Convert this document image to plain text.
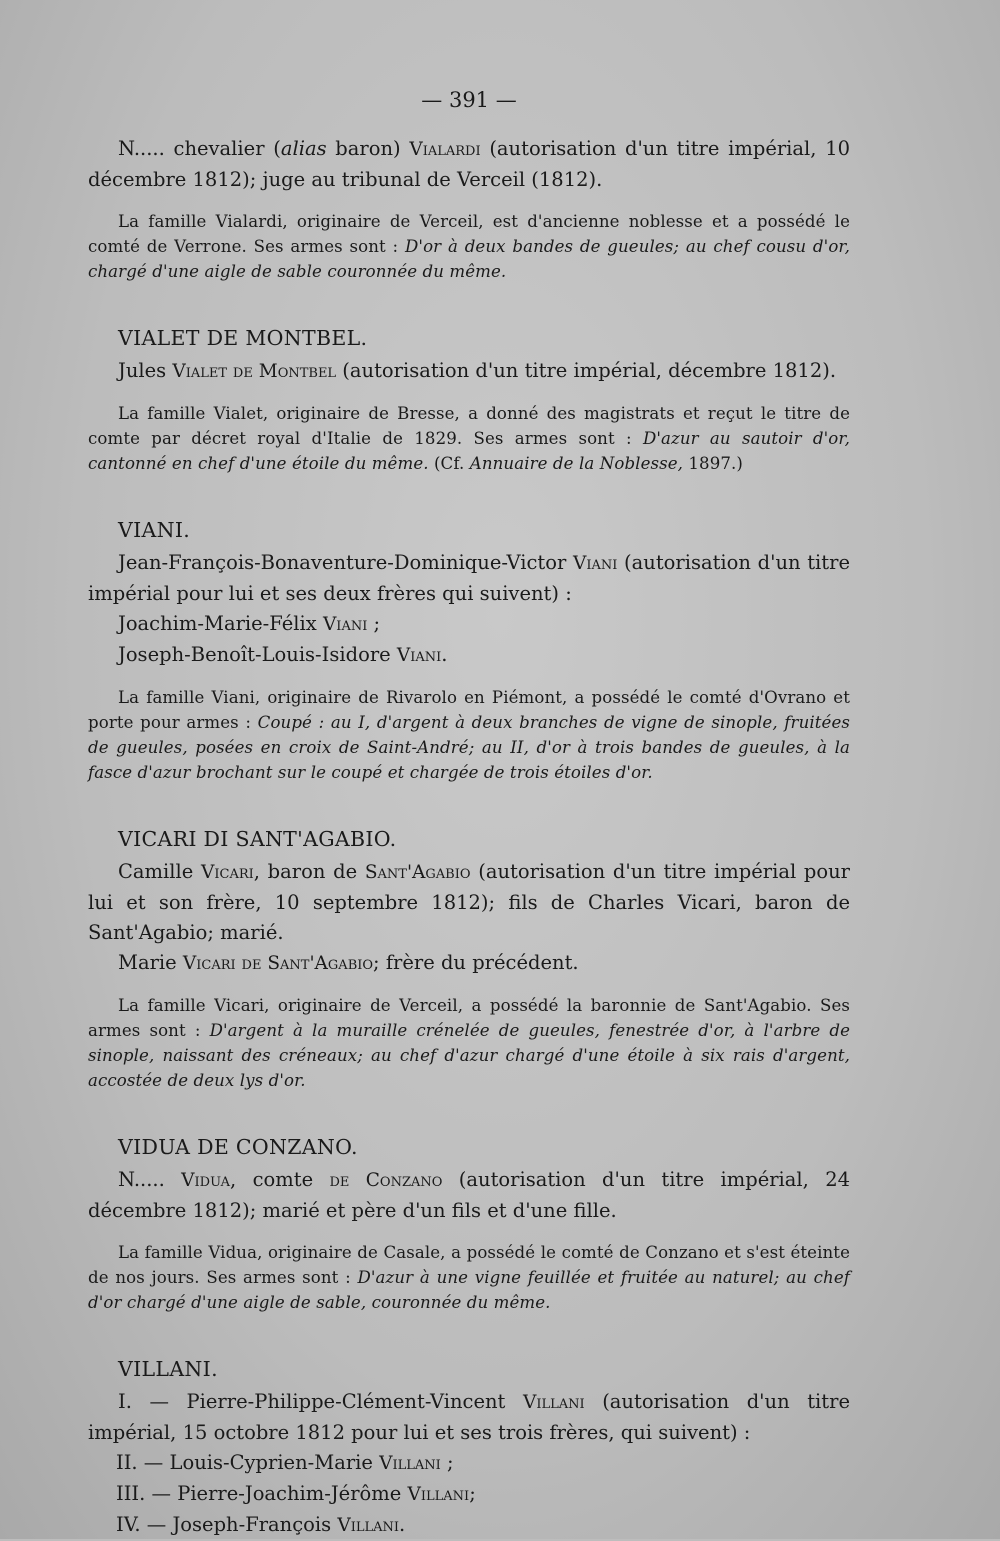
— 391 —

N..... chevalier (alias baron) Vialardi (autorisation d'un titre impérial, 10 décembre 1812); juge au tribunal de Verceil (1812).

La famille Vialardi, originaire de Verceil, est d'ancienne noblesse et a possédé le comté de Verrone. Ses armes sont : D'or à deux bandes de gueules; au chef cousu d'or, chargé d'une aigle de sable couronnée du même.

VIALET DE MONTBEL.

Jules Vialet de Montbel (autorisation d'un titre impérial, décembre 1812).

La famille Vialet, originaire de Bresse, a donné des magistrats et reçut le titre de comte par décret royal d'Italie de 1829. Ses armes sont : D'azur au sautoir d'or, cantonné en chef d'une étoile du même. (Cf. Annuaire de la Noblesse, 1897.)

VIANI.

Jean-François-Bonaventure-Dominique-Victor Viani (autorisation d'un titre impérial pour lui et ses deux frères qui suivent) :

Joachim-Marie-Félix Viani ;

Joseph-Benoît-Louis-Isidore Viani.

La famille Viani, originaire de Rivarolo en Piémont, a possédé le comté d'Ovrano et porte pour armes : Coupé : au I, d'argent à deux branches de vigne de sinople, fruitées de gueules, posées en croix de Saint-André; au II, d'or à trois bandes de gueules, à la fasce d'azur brochant sur le coupé et chargée de trois étoiles d'or.

VICARI DI SANT'AGABIO.

Camille Vicari, baron de Sant'Agabio (autorisation d'un titre impérial pour lui et son frère, 10 septembre 1812); fils de Charles Vicari, baron de Sant'Agabio; marié.

Marie Vicari de Sant'Agabio; frère du précédent.

La famille Vicari, originaire de Verceil, a possédé la baronnie de Sant'Agabio. Ses armes sont : D'argent à la muraille crénelée de gueules, fenestrée d'or, à l'arbre de sinople, naissant des créneaux; au chef d'azur chargé d'une étoile à six rais d'argent, accostée de deux lys d'or.

VIDUA DE CONZANO.

N..... Vidua, comte de Conzano (autorisation d'un titre impérial, 24 décembre 1812); marié et père d'un fils et d'une fille.

La famille Vidua, originaire de Casale, a possédé le comté de Conzano et s'est éteinte de nos jours. Ses armes sont : D'azur à une vigne feuillée et fruitée au naturel; au chef d'or chargé d'une aigle de sable, couronnée du même.

VILLANI.

I. — Pierre-Philippe-Clément-Vincent Villani (autorisation d'un titre impérial, 15 octobre 1812 pour lui et ses trois frères, qui suivent) :

II. — Louis-Cyprien-Marie Villani ;

III. — Pierre-Joachim-Jérôme Villani;

IV. — Joseph-François Villani.
